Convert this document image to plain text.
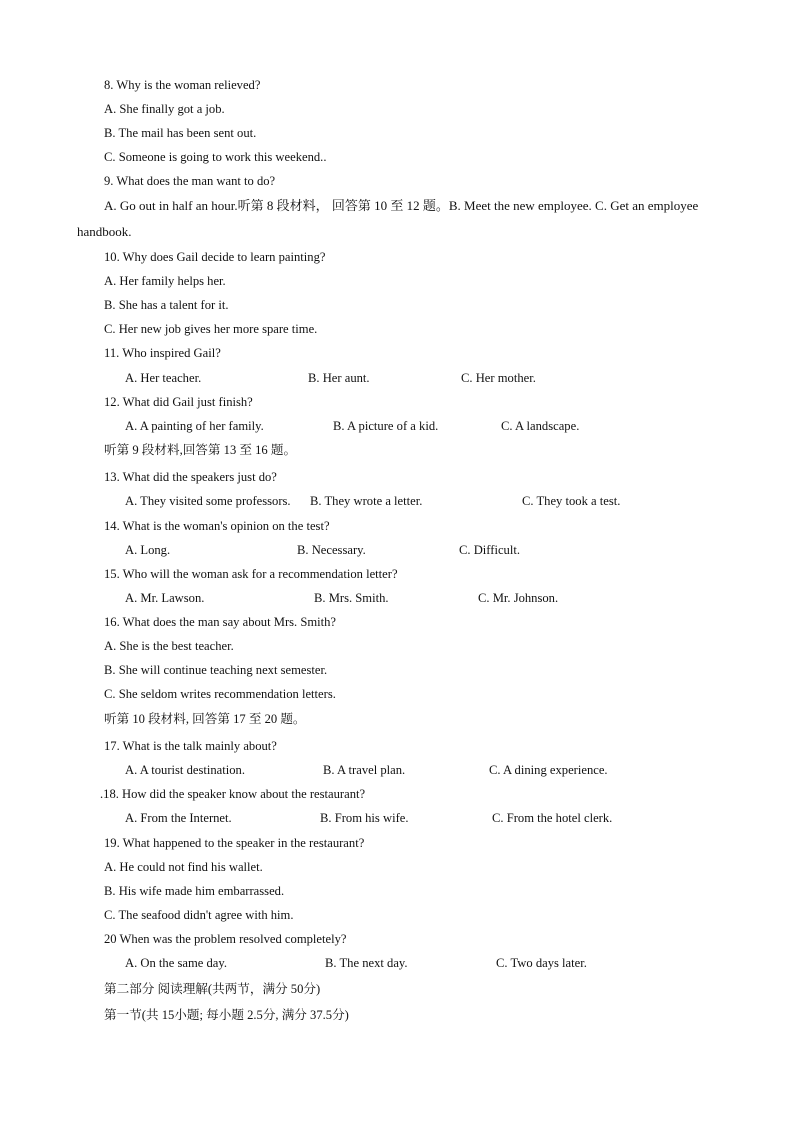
8. Why is the woman relieved?
A. She finally got a job.
B. The mail has been sent out.
C. Someone is going to work this weekend..
9. What does the man want to do?
A. Go out in half an hour.听第 8 段材料， 回答第 10 至 12 题。B. Meet the new employee. C. Get an employee handbook.
10. Why does Gail decide to learn painting?
A. Her family helps her.
B. She has a talent for it.
C. Her new job gives her more spare time.
11. Who inspired Gail?
A. Her teacher.	B. Her aunt.	C. Her mother.
12. What did Gail just finish?
A. A painting of her family.	B. A picture of a kid.	C. A landscape.
听第 9 段材料,回答第 13 至 16 题。
13. What did the speakers just do?
A. They visited some professors. B. They wrote a letter.	C. They took a test.
14. What is the woman's opinion on the test?
A. Long.	B. Necessary.	C. Difficult.
15. Who will the woman ask for a recommendation letter?
A. Mr. Lawson.	B. Mrs. Smith.	C. Mr. Johnson.
16. What does the man say about Mrs. Smith?
A. She is the best teacher.
B. She will continue teaching next semester.
C. She seldom writes recommendation letters.
听第 10 段材料, 回答第 17 至 20 题。
17. What is the talk mainly about?
A. A tourist destination.	B. A travel plan.	C. A dining experience.
.18. How did the speaker know about the restaurant?
A. From the Internet.	B. From his wife.	C. From the hotel clerk.
19. What happened to the speaker in the restaurant?
A. He could not find his wallet.
B. His wife made him embarrassed.
C. The seafood didn't agree with him.
20 When was the problem resolved completely?
A. On the same day.	B. The next day.	C. Two days later.
第二部分 阅读理解(共两节，满分 50分)
第一节(共 15小题; 每小题 2.5分, 满分 37.5分)
